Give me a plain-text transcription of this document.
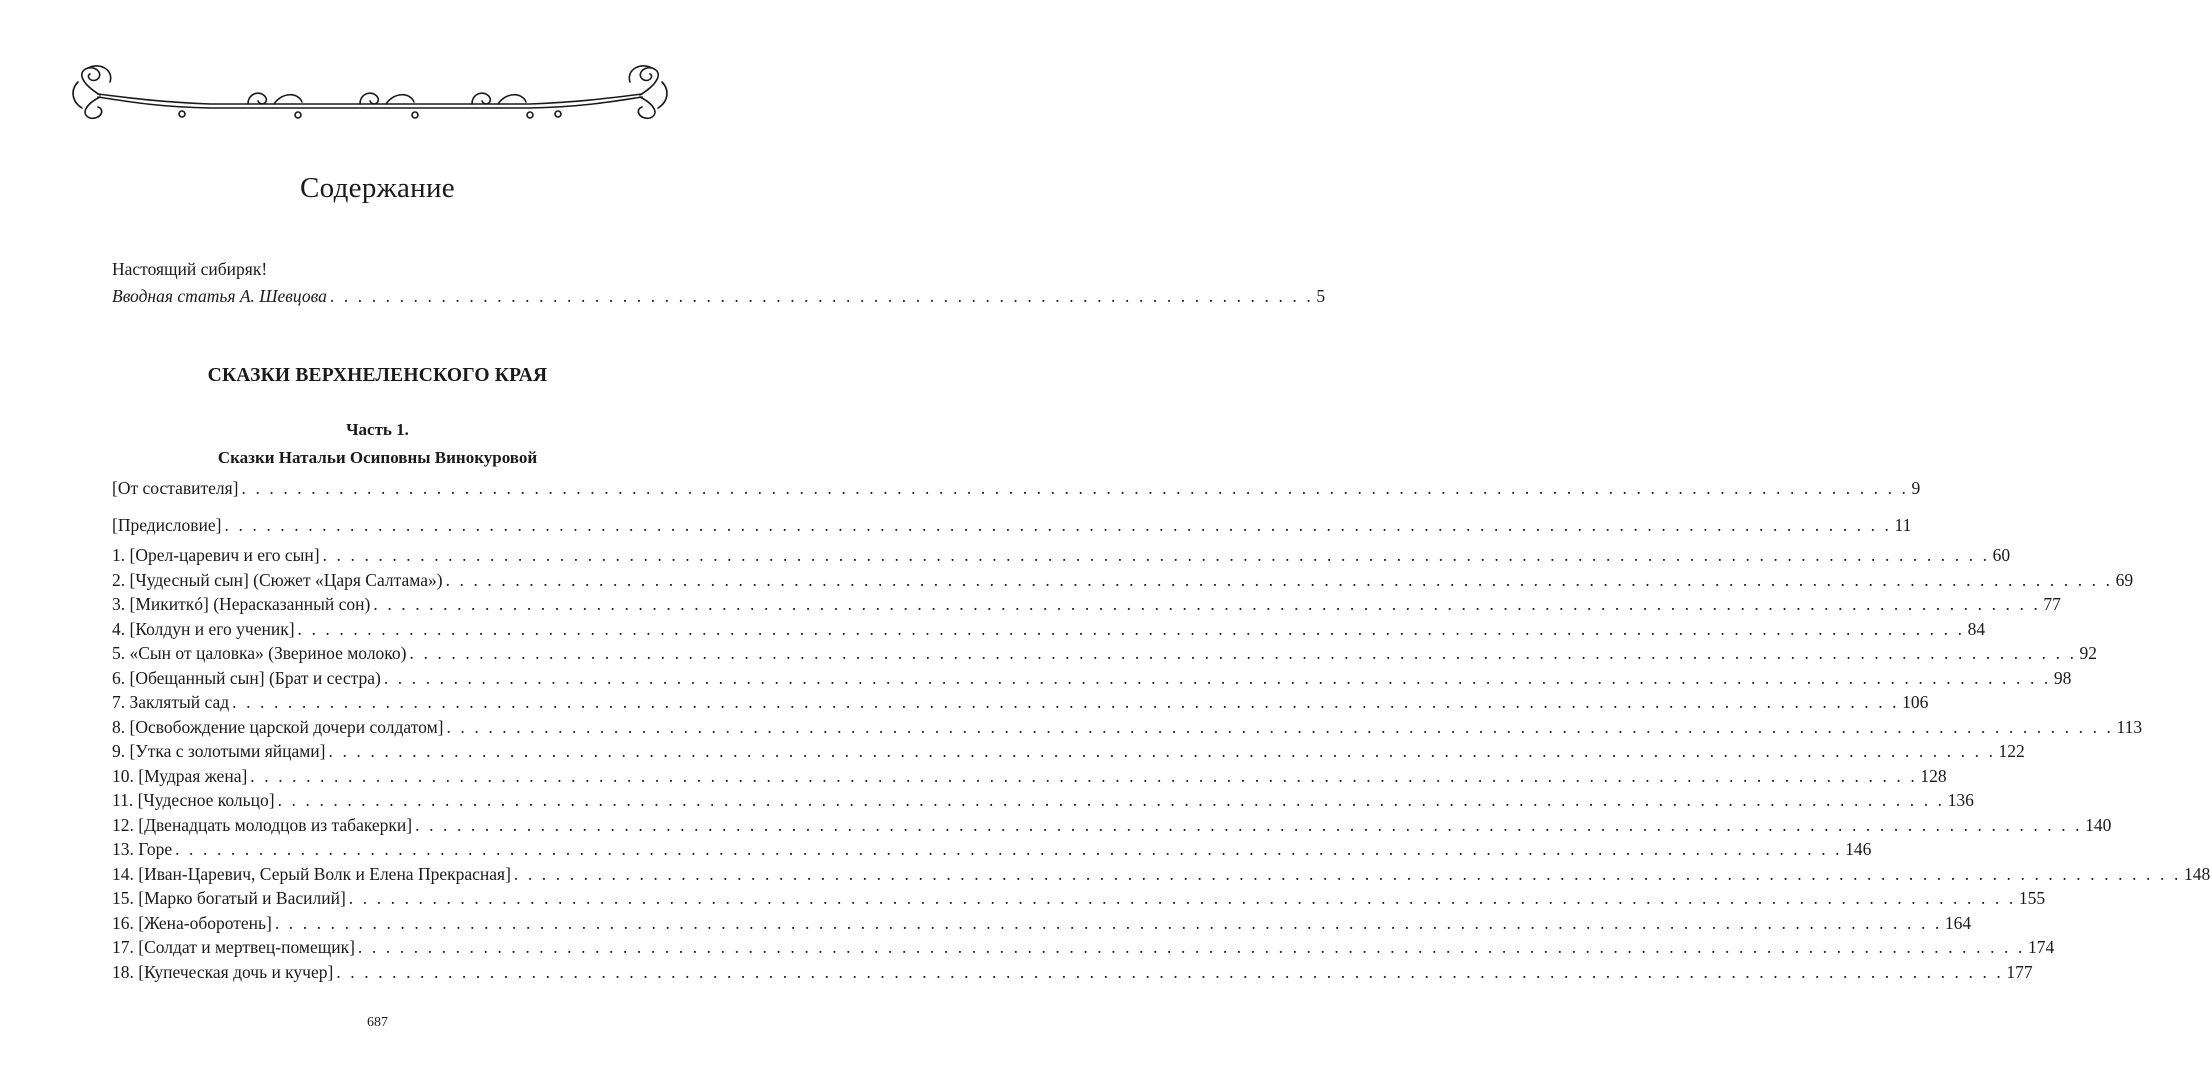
Содержание
Настоящий сибиряк!
Вводная статья А. Шевцова . . . . . . . . . . . . . . . . . . . . . . . . . . . . . . . . . . . . . . . . . . . . . . . . . . . . . . . . . . . . . . . . . . . . . . . 5
СКАЗКИ ВЕРХНЕЛЕНСКОГО КРАЯ
Часть 1.
Сказки Натальи Осиповны Винокуровой
[От составителя] . . . . . . . . . . . . . . . . . . . . . . . . . . . . . . . . . . . . . . . . . . . . . . . . . . . . . . . . . . . . . . . . . . . . . . . . . . . . . . . . . . . . . . . . . . . . . . . . . . . . . . . . . . . . . . . . . . . . . . . . 9
[Предисловие] . . . . . . . . . . . . . . . . . . . . . . . . . . . . . . . . . . . . . . . . . . . . . . . . . . . . . . . . . . . . . . . . . . . . . . . . . . . . . . . . . . . . . . . . . . . . . . . . . . . . . . . . . . . . . . . . . . . . . . . . 11
1. [Орел-царевич и его сын] . . . . . . . . . . . . . . . . . . . . . . . . . . . . . . . . . . . . . . . . . . . . . . . . . . . . . . . . . . . . . . . . . . . . . . . . . . . . . . . . . . . . . . . . . . . . . . . . . . . . . . . . . . . . . . . . . . . . . . . . 60
2. [Чудесный сын] (Сюжет «Царя Салтама») . . . . . . . . . . . . . . . . . . . . . . . . . . . . . . . . . . . . . . . . . . . . . . . . . . . . . . . . . . . . . . . . . . . . . . . . . . . . . . . . . . . . . . . . . . . . . . . . . . . . . . . . . . . . . . . . . . . . . . . . 69
3. [Микиткó] (Нерасказанный сон) . . . . . . . . . . . . . . . . . . . . . . . . . . . . . . . . . . . . . . . . . . . . . . . . . . . . . . . . . . . . . . . . . . . . . . . . . . . . . . . . . . . . . . . . . . . . . . . . . . . . . . . . . . . . . . . . . . . . . . . . 77
4. [Колдун и его ученик] . . . . . . . . . . . . . . . . . . . . . . . . . . . . . . . . . . . . . . . . . . . . . . . . . . . . . . . . . . . . . . . . . . . . . . . . . . . . . . . . . . . . . . . . . . . . . . . . . . . . . . . . . . . . . . . . . . . . . . . . 84
5. «Сын от цаловка» (Звериное молоко) . . . . . . . . . . . . . . . . . . . . . . . . . . . . . . . . . . . . . . . . . . . . . . . . . . . . . . . . . . . . . . . . . . . . . . . . . . . . . . . . . . . . . . . . . . . . . . . . . . . . . . . . . . . . . . . . . . . . . . . . 92
6. [Обещанный сын] (Брат и сестра) . . . . . . . . . . . . . . . . . . . . . . . . . . . . . . . . . . . . . . . . . . . . . . . . . . . . . . . . . . . . . . . . . . . . . . . . . . . . . . . . . . . . . . . . . . . . . . . . . . . . . . . . . . . . . . . . . . . . . . . . 98
7. Заклятый сад . . . . . . . . . . . . . . . . . . . . . . . . . . . . . . . . . . . . . . . . . . . . . . . . . . . . . . . . . . . . . . . . . . . . . . . . . . . . . . . . . . . . . . . . . . . . . . . . . . . . . . . . . . . . . . . . . . . . . . . . 106
8. [Освобождение царской дочери солдатом] . . . . . . . . . . . . . . . . . . . . . . . . . . . . . . . . . . . . . . . . . . . . . . . . . . . . . . . . . . . . . . . . . . . . . . . . . . . . . . . . . . . . . . . . . . . . . . . . . . . . . . . . . . . . . . . . . . . . . . . . 113
9. [Утка с золотыми яйцами] . . . . . . . . . . . . . . . . . . . . . . . . . . . . . . . . . . . . . . . . . . . . . . . . . . . . . . . . . . . . . . . . . . . . . . . . . . . . . . . . . . . . . . . . . . . . . . . . . . . . . . . . . . . . . . . . . . . . . . . . 122
10. [Мудрая жена] . . . . . . . . . . . . . . . . . . . . . . . . . . . . . . . . . . . . . . . . . . . . . . . . . . . . . . . . . . . . . . . . . . . . . . . . . . . . . . . . . . . . . . . . . . . . . . . . . . . . . . . . . . . . . . . . . . . . . . . . 128
11. [Чудесное кольцо] . . . . . . . . . . . . . . . . . . . . . . . . . . . . . . . . . . . . . . . . . . . . . . . . . . . . . . . . . . . . . . . . . . . . . . . . . . . . . . . . . . . . . . . . . . . . . . . . . . . . . . . . . . . . . . . . . . . . . . . . 136
12. [Двенадцать молодцов из табакерки] . . . . . . . . . . . . . . . . . . . . . . . . . . . . . . . . . . . . . . . . . . . . . . . . . . . . . . . . . . . . . . . . . . . . . . . . . . . . . . . . . . . . . . . . . . . . . . . . . . . . . . . . . . . . . . . . . . . . . . . . 140
13. Горе . . . . . . . . . . . . . . . . . . . . . . . . . . . . . . . . . . . . . . . . . . . . . . . . . . . . . . . . . . . . . . . . . . . . . . . . . . . . . . . . . . . . . . . . . . . . . . . . . . . . . . . . . . . . . . . . . . . . . . . . 146
14. [Иван-Царевич, Серый Волк и Елена Прекрасная] . . . . . . . . . . . . . . . . . . . . . . . . . . . . . . . . . . . . . . . . . . . . . . . . . . . . . . . . . . . . . . . . . . . . . . . . . . . . . . . . . . . . . . . . . . . . . . . . . . . . . . . . . . . . . . . . . . . . . . . . 148
15. [Марко богатый и Василий] . . . . . . . . . . . . . . . . . . . . . . . . . . . . . . . . . . . . . . . . . . . . . . . . . . . . . . . . . . . . . . . . . . . . . . . . . . . . . . . . . . . . . . . . . . . . . . . . . . . . . . . . . . . . . . . . . . . . . . . . 155
16. [Жена-оборотень] . . . . . . . . . . . . . . . . . . . . . . . . . . . . . . . . . . . . . . . . . . . . . . . . . . . . . . . . . . . . . . . . . . . . . . . . . . . . . . . . . . . . . . . . . . . . . . . . . . . . . . . . . . . . . . . . . . . . . . . . 164
17. [Солдат и мертвец-помещик] . . . . . . . . . . . . . . . . . . . . . . . . . . . . . . . . . . . . . . . . . . . . . . . . . . . . . . . . . . . . . . . . . . . . . . . . . . . . . . . . . . . . . . . . . . . . . . . . . . . . . . . . . . . . . . . . . . . . . . . . 174
18. [Купеческая дочь и кучер] . . . . . . . . . . . . . . . . . . . . . . . . . . . . . . . . . . . . . . . . . . . . . . . . . . . . . . . . . . . . . . . . . . . . . . . . . . . . . . . . . . . . . . . . . . . . . . . . . . . . . . . . . . . . . . . . . . . . . . . . 177
687
